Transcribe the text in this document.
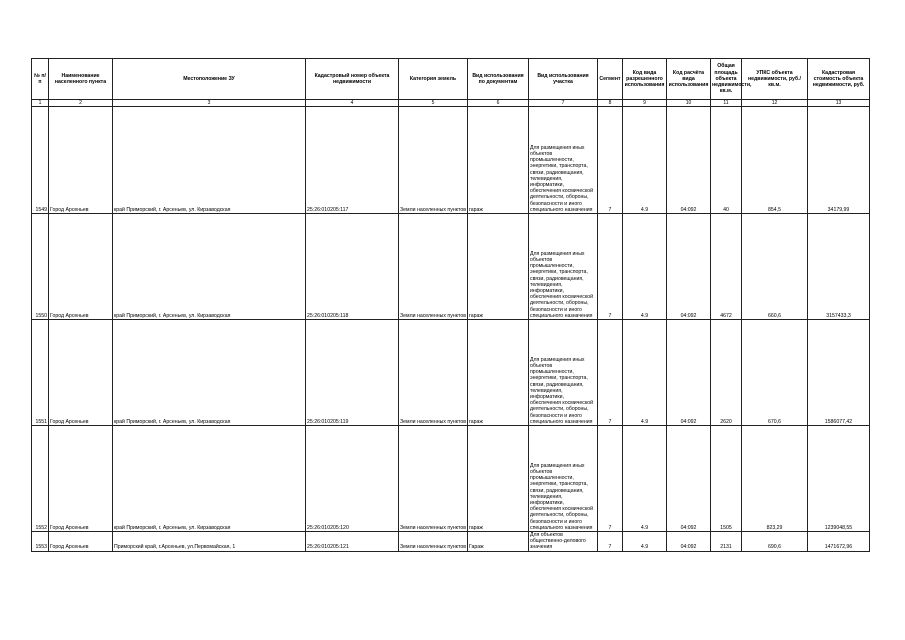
№ п/п	Наименование населенного пункта	Местоположение ЗУ	Кадастровый номер объекта недвижимости	Категория земель	Вид использования по документам	Вид использования участка	Сегмент	Код вида разрешенного использования	Код расчёта вида использования	Общая площадь объекта недвижимости, кв.м.	УПКС объекта недвижимости, руб./кв.м.	Кадастровая стоимость объекта недвижимости, руб.
1	2	3	4	5	6	7	8	9	10	11	12	13
1549	Город Арсеньев	край Приморский, г. Арсеньев, ул. Кирзаводская	25:26:010205:117	Земли населенных пунктов	гараж	Для размещения иных объектов промышленности, энергетики, транспорта, связи, радиовещания, телевидения, информатики, обеспечения космической деятельности, обороны, безопасности и иного специального назначения	7	4.9	04:092	40	854,5	34179,99
1550	Город Арсеньев	край Приморский, г. Арсеньев, ул. Кирзаводская	25:26:010205:118	Земли населенных пунктов	гараж	Для размещения иных объектов промышленности, энергетики, транспорта, связи, радиовещания, телевидения, информатики, обеспечения космической деятельности, обороны, безопасности и иного специального назначения	7	4.9	04:092	4672	660,6	3157433,3
1551	Город Арсеньев	край Приморский, г. Арсеньев, ул. Кирзаводская	25:26:010205:119	Земли населенных пунктов	гараж	Для размещения иных объектов промышленности, энергетики, транспорта, связи, радиовещания, телевидения, информатики, обеспечения космической деятельности, обороны, безопасности и иного специального назначения	7	4.9	04:092	2620	670,6	1586077,42
1552	Город Арсеньев	край Приморский, г. Арсеньев, ул. Кирзаводская	25:26:010205:120	Земли населенных пунктов	гараж	Для размещения иных объектов промышленности, энергетики, транспорта, связи, радиовещания, телевидения, информатики, обеспечения космической деятельности, обороны, безопасности и иного специального назначения	7	4.9	04:092	1505	823,29	1239048,55
1553	Город Арсеньев	Приморский край, г.Арсеньев, ул.Первомайская, 1	25:26:010205:121	Земли населенных пунктов	Гараж	Для объектов общественно-делового значения	7	4.9	04:092	2131	690,6	1471672,96
